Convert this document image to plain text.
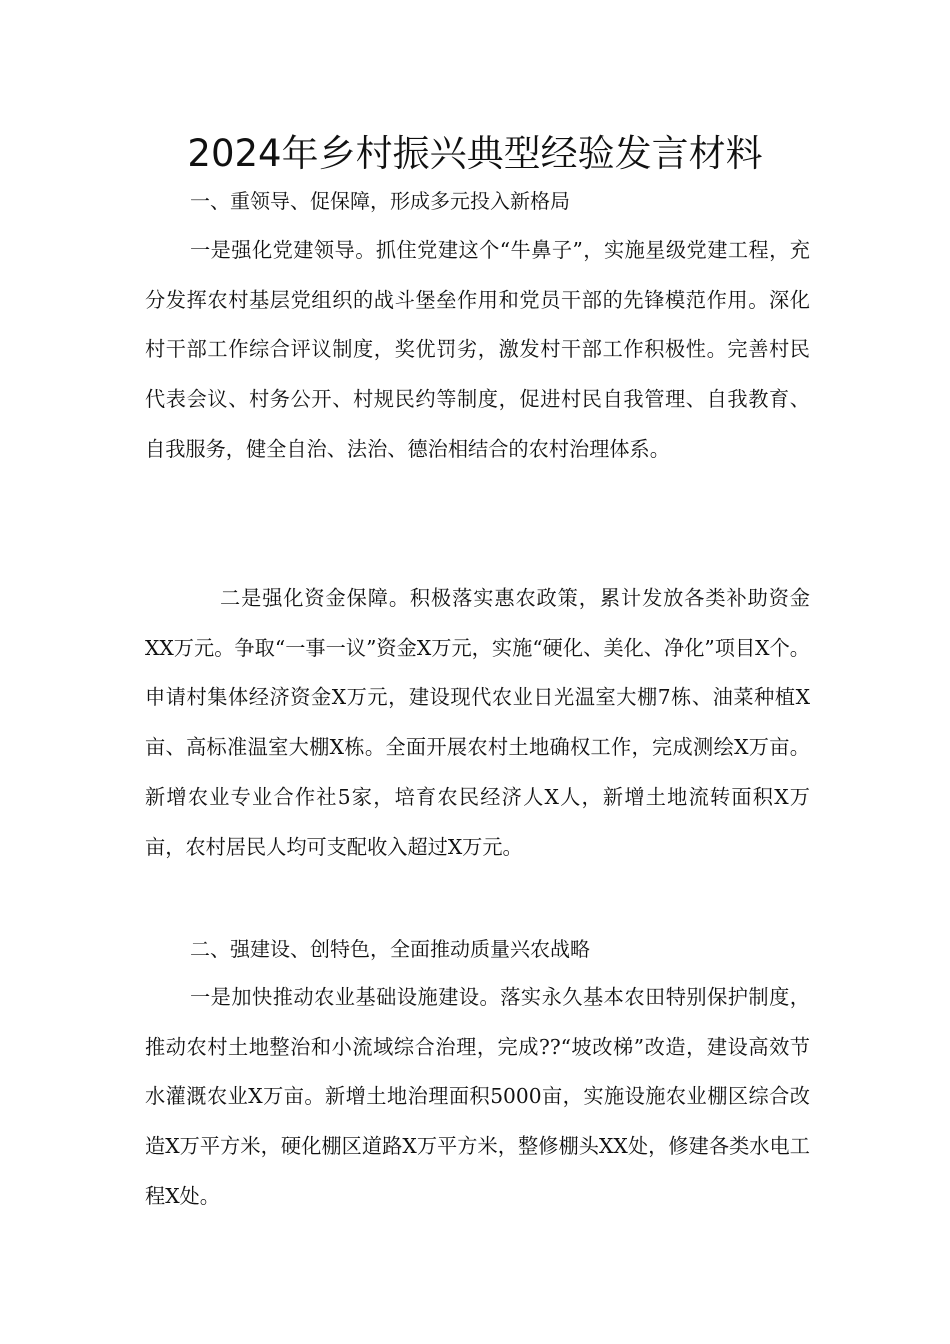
2024年乡村振兴典型经验发言材料

一、重领导、促保障，形成多元投入新格局

一是强化党建领导。抓住党建这个“牛鼻子”，实施星级党建工程，充分发挥农村基层党组织的战斗堡垒作用和党员干部的先锋模范作用。深化村干部工作综合评议制度，奖优罚劣，激发村干部工作积极性。完善村民代表会议、村务公开、村规民约等制度，促进村民自我管理、自我教育、自我服务，健全自治、法治、德治相结合的农村治理体系。

二是强化资金保障。积极落实惠农政策，累计发放各类补助资金XX万元。争取“一事一议”资金X万元，实施“硬化、美化、净化”项目X个。申请村集体经济资金X万元，建设现代农业日光温室大棚7栋、油菜种植X亩、高标准温室大棚X栋。全面开展农村土地确权工作，完成测绘X万亩。新增农业专业合作社5家，培育农民经济人X人，新增土地流转面积X万亩，农村居民人均可支配收入超过X万元。

二、强建设、创特色，全面推动质量兴农战略

一是加快推动农业基础设施建设。落实永久基本农田特别保护制度，推动农村土地整治和小流域综合治理，完成??“坡改梯”改造，建设高效节水灌溉农业X万亩。新增土地治理面积5000亩，实施设施农业棚区综合改造X万平方米，硬化棚区道路X万平方米，整修棚头XX处，修建各类水电工程X处。
